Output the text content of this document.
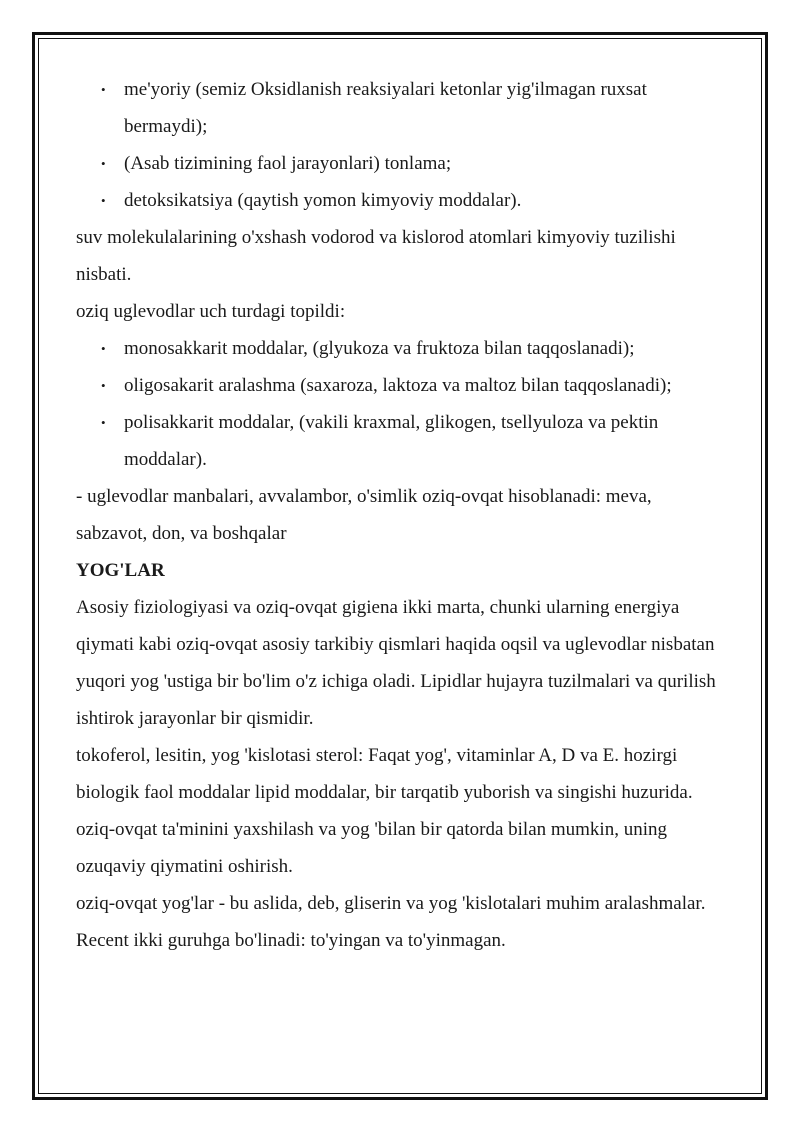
• me'yoriy (semiz Oksidlanish reaksiyalari ketonlar yig'ilmagan ruxsat bermaydi);
• (Asab tizimining faol jarayonlari) tonlama;
• detoksikatsiya (qaytish yomon kimyoviy moddalar).

suv molekulalarining o'xshash vodorod va kislorod atomlari kimyoviy tuzilishi nisbati.

oziq uglevodlar uch turdagi topildi:

• monosakkarit moddalar, (glyukoza va fruktoza bilan taqqoslanadi);
• oligosakarit aralashma (saxaroza, laktoza va maltoz bilan taqqoslanadi);
• polisakkarit moddalar, (vakili kraxmal, glikogen, tsellyuloza va pektin moddalar).

- uglevodlar manbalari, avvalambor, o'simlik oziq-ovqat hisoblanadi: meva, sabzavot, don, va boshqalar

YOG'LAR

Asosiy fiziologiyasi va oziq-ovqat gigiena ikki marta, chunki ularning energiya qiymati kabi oziq-ovqat asosiy tarkibiy qismlari haqida oqsil va uglevodlar nisbatan yuqori yog 'ustiga bir bo'lim o'z ichiga oladi. Lipidlar hujayra tuzilmalari va qurilish ishtirok jarayonlar bir qismidir.

tokoferol, lesitin, yog 'kislotasi sterol: Faqat yog', vitaminlar A, D va E. hozirgi biologik faol moddalar lipid moddalar, bir tarqatib yuborish va singishi huzurida. oziq-ovqat ta'minini yaxshilash va yog 'bilan bir qatorda bilan mumkin, uning ozuqaviy qiymatini oshirish.

oziq-ovqat yog'lar - bu aslida, deb, gliserin va yog 'kislotalari muhim aralashmalar. Recent ikki guruhga bo'linadi: to'yingan va to'yinmagan.
